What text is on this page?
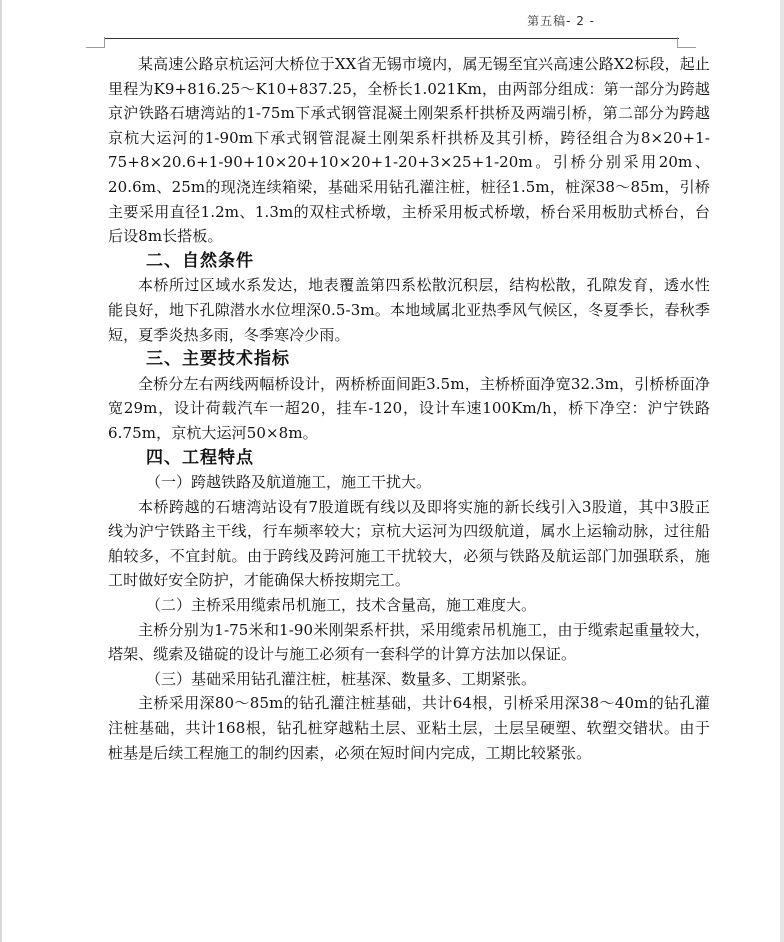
第五稿- 2 -

某高速公路京杭运河大桥位于XX省无锡市境内，属无锡至宜兴高速公路X2标段，起止里程为K9+816.25～K10+837.25，全桥长1.021Km，由两部分组成：第一部分为跨越京沪铁路石塘湾站的1-75m下承式钢管混凝土刚架系杆拱桥及两端引桥，第二部分为跨越京杭大运河的1-90m下承式钢管混凝土刚架系杆拱桥及其引桥，跨径组合为8×20+1-75+8×20.6+1-90+10×20+10×20+1-20+3×25+1-20m。引桥分别采用20m、20.6m、25m的现浇连续箱梁，基础采用钻孔灌注桩，桩径1.5m，桩深38～85m，引桥主要采用直径1.2m、1.3m的双柱式桥墩，主桥采用板式桥墩，桥台采用板肋式桥台，台后设8m长搭板。

二、自然条件

本桥所过区域水系发达，地表覆盖第四系松散沉积层，结构松散，孔隙发育，透水性能良好，地下孔隙潜水水位埋深0.5-3m。本地域属北亚热季风气候区，冬夏季长，春秋季短，夏季炎热多雨，冬季寒冷少雨。

三、主要技术指标

全桥分左右两线两幅桥设计，两桥桥面间距3.5m，主桥桥面净宽32.3m，引桥桥面净宽29m，设计荷载汽车一超20，挂车-120，设计车速100Km/h，桥下净空：沪宁铁路6.75m，京杭大运河50×8m。

四、工程特点

（一）跨越铁路及航道施工，施工干扰大。

本桥跨越的石塘湾站设有7股道既有线以及即将实施的新长线引入3股道，其中3股正线为沪宁铁路主干线，行车频率较大；京杭大运河为四级航道，属水上运输动脉，过往船舶较多，不宜封航。由于跨线及跨河施工干扰较大，必须与铁路及航运部门加强联系，施工时做好安全防护，才能确保大桥按期完工。

（二）主桥采用缆索吊机施工，技术含量高，施工难度大。

主桥分别为1-75米和1-90米刚架系杆拱，采用缆索吊机施工，由于缆索起重量较大，塔架、缆索及锚碇的设计与施工必须有一套科学的计算方法加以保证。

（三）基础采用钻孔灌注桩，桩基深、数量多、工期紧张。

主桥采用深80～85m的钻孔灌注桩基础，共计64根，引桥采用深38～40m的钻孔灌注桩基础，共计168根，钻孔桩穿越粘土层、亚粘土层，土层呈硬塑、软塑交错状。由于桩基是后续工程施工的制约因素，必须在短时间内完成，工期比较紧张。
